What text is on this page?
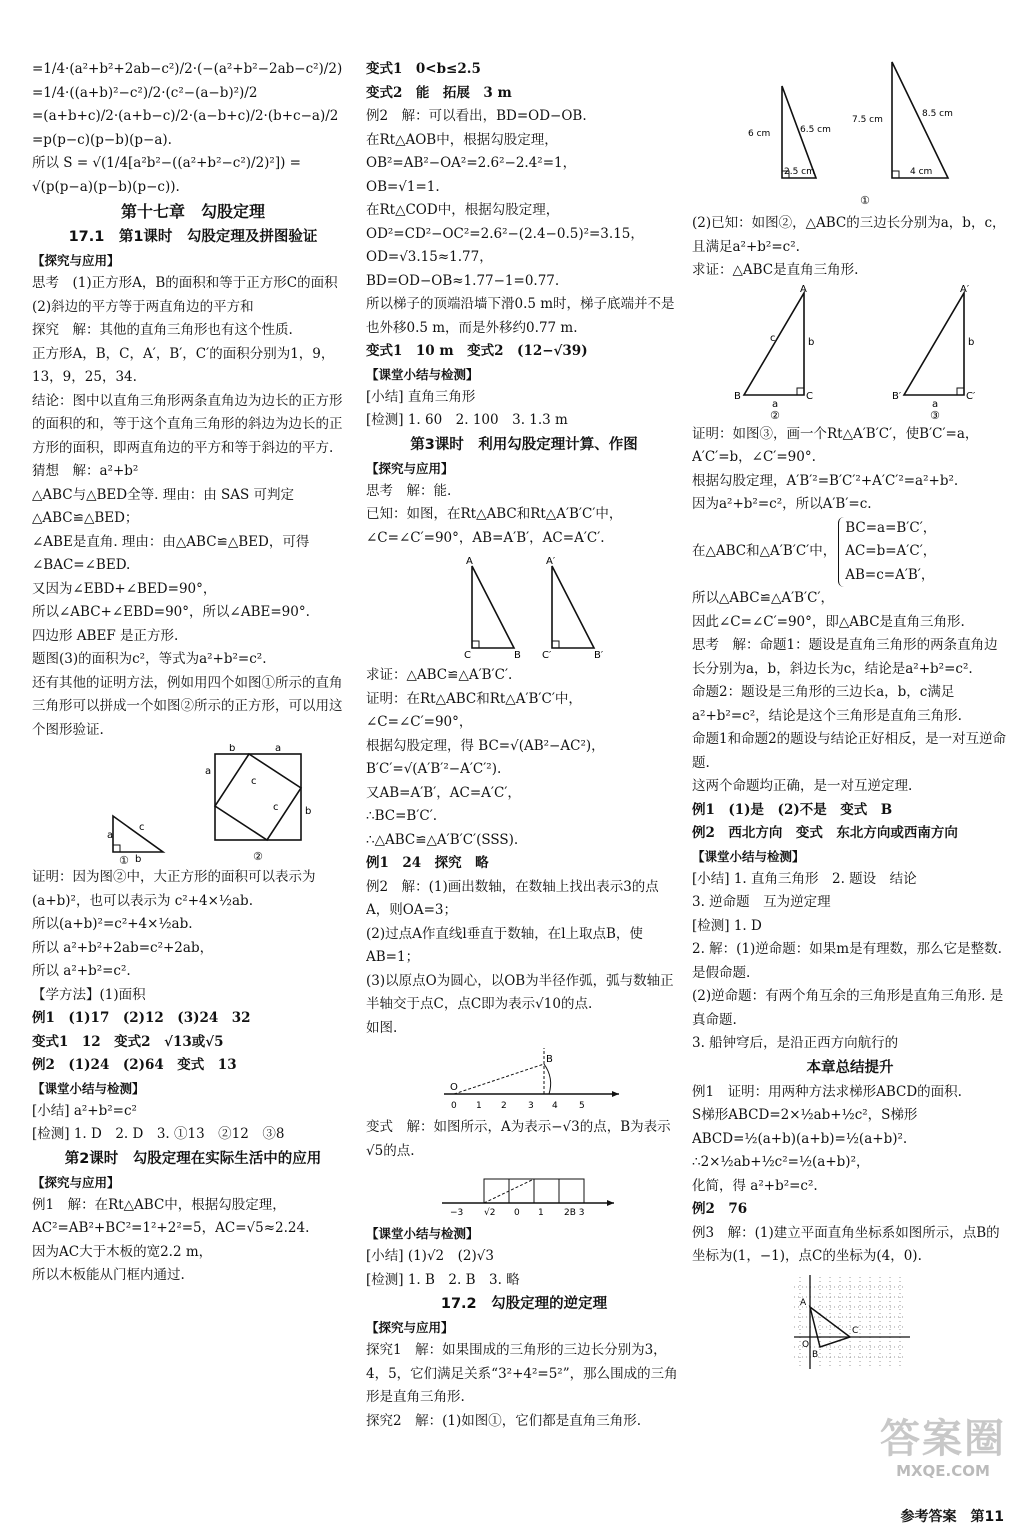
=1/4·(a²+b²+2ab−c²)/2·(−(a²+b²−2ab−c²)/2)
=1/4·((a+b)²−c²)/2·(c²−(a−b)²)/2
=(a+b+c)/2·(a+b−c)/2·(a−b+c)/2·(b+c−a)/2
=p(p−c)(p−b)(p−a).
所以 S = √(1/4[a²b²−((a²+b²−c²)/2)²]) =
√(p(p−a)(p−b)(p−c)).
第十七章　勾股定理
17.1　第1课时　勾股定理及拼图验证
【探究与应用】
思考　(1)正方形A，B的面积和等于正方形C的面积
(2)斜边的平方等于两直角边的平方和
探究　解：其他的直角三角形也有这个性质.
正方形A，B，C，A′，B′，C′的面积分别为1，9，13，9，25，34.
结论：图中以直角三角形两条直角边为边长的正方形的面积的和，等于这个直角三角形的斜边为边长的正方形的面积，即两直角边的平方和等于斜边的平方.
猜想　解：a²+b²
△ABC与△BED全等. 理由：由 SAS 可判定△ABC≌△BED；
∠ABE是直角. 理由：由△ABC≌△BED，可得∠BAC=∠BED.
又因为∠EBD+∠BED=90°，
所以∠ABC+∠EBD=90°，所以∠ABE=90°.
四边形 ABEF 是正方形.
题图(3)的面积为c²，等式为a²+b²=c².
还有其他的证明方法，例如用四个如图①所示的直角三角形可以拼成一个如图②所示的正方形，可以用这个图形验证.
a
c
b
b	a
a
b
c
c
①	②
证明：因为图②中，大正方形的面积可以表示为
(a+b)²，也可以表示为 c²+4×½ab.
所以(a+b)²=c²+4×½ab.
所以 a²+b²+2ab=c²+2ab，
所以 a²+b²=c².
【学方法】(1)面积
例1　(1)17　(2)12　(3)24　32
变式1　12　变式2　√13或√5
例2　(1)24　(2)64　变式　13
【课堂小结与检测】
[小结] a²+b²=c²
[检测] 1. D　2. D　3. ①13　②12　③8
第2课时　勾股定理在实际生活中的应用
【探究与应用】
例1　解：在Rt△ABC中，根据勾股定理，
AC²=AB²+BC²=1²+2²=5，AC=√5≈2.24.
因为AC大于木板的宽2.2 m，
所以木板能从门框内通过.
变式1　0<b≤2.5
变式2　能　拓展　3 m
例2　解：可以看出，BD=OD−OB.
在Rt△AOB中，根据勾股定理，
OB²=AB²−OA²=2.6²−2.4²=1，
OB=√1=1.
在Rt△COD中，根据勾股定理，
OD²=CD²−OC²=2.6²−(2.4−0.5)²=3.15，
OD=√3.15≈1.77，
BD=OD−OB≈1.77−1=0.77.
所以梯子的顶端沿墙下滑0.5 m时，梯子底端并不是也外移0.5 m，而是外移约0.77 m.
变式1　10 m　变式2　(12−√39)
【课堂小结与检测】
[小结] 直角三角形
[检测] 1. 60　2. 100　3. 1.3 m
第3课时　利用勾股定理计算、作图
【探究与应用】
思考　解：能.
已知：如图，在Rt△ABC和Rt△A′B′C′中，∠C=∠C′=90°，AB=A′B′，AC=A′C′.
A
C	B
A′
C′	B′
求证：△ABC≌△A′B′C′.
证明：在Rt△ABC和Rt△A′B′C′中，∠C=∠C′=90°，
根据勾股定理，得 BC=√(AB²−AC²)，B′C′=√(A′B′²−A′C′²).
又AB=A′B′，AC=A′C′，
∴BC=B′C′.
∴△ABC≌△A′B′C′(SSS).
例1　24　探究　略
例2　解：(1)画出数轴，在数轴上找出表示3的点A，则OA=3；
(2)过点A作直线l垂直于数轴，在l上取点B，使AB=1；
(3)以原点O为圆心，以OB为半径作弧，弧与数轴正半轴交于点C，点C即为表示√10的点.
如图.
O
B
0 1 2 3 4 5
变式　解：如图所示，A为表示−√3的点，B为表示√5的点.
−3 √2 0 1 2B 3
【课堂小结与检测】
[小结] (1)√2　(2)√3
[检测] 1. B　2. B　3. 略
17.2　勾股定理的逆定理
【探究与应用】
探究1　解：如果围成的三角形的三边长分别为3，4，5，它们满足关系“3²+4²=5²”，那么围成的三角形是直角三角形.
探究2　解：(1)如图①，它们都是直角三角形.
6 cm	6.5 cm
2.5 cm
7.5 cm
8.5 cm
4 cm
①
(2)已知：如图②，△ABC的三边长分别为a，b，c，且满足a²+b²=c².
求证：△ABC是直角三角形.
A
B	C
c	b
a
A′
B′	C′
b
a
②	③
证明：如图③，画一个Rt△A′B′C′，使B′C′=a，A′C′=b，∠C′=90°.
根据勾股定理，A′B′²=B′C′²+A′C′²=a²+b².
因为a²+b²=c²，所以A′B′=c.
在△ABC和△A′B′C′中，
BC=a=B′C′，
AC=b=A′C′，
AB=c=A′B′，
所以△ABC≌△A′B′C′，
因此∠C=∠C′=90°，即△ABC是直角三角形.
思考　解：命题1：题设是直角三角形的两条直角边长分别为a，b，斜边长为c，结论是a²+b²=c².
命题2：题设是三角形的三边长a，b，c满足a²+b²=c²，结论是这个三角形是直角三角形.
命题1和命题2的题设与结论正好相反，是一对互逆命题.
这两个命题均正确，是一对互逆定理.
例1　(1)是　(2)不是　变式　B
例2　西北方向　变式　东北方向或西南方向
【课堂小结与检测】
[小结] 1. 直角三角形　2. 题设　结论
3. 逆命题　互为逆定理
[检测] 1. D
2. 解：(1)逆命题：如果m是有理数，那么它是整数. 是假命题.
(2)逆命题：有两个角互余的三角形是直角三角形. 是真命题.
3. 船钟穹后，是沿正西方向航行的
本章总结提升
例1　证明：用两种方法求梯形ABCD的面积.
S梯形ABCD=2×½ab+½c²，S梯形ABCD=½(a+b)(a+b)=½(a+b)².
∴2×½ab+½c²=½(a+b)²，
化简，得 a²+b²=c².
例2　76
例3　解：(1)建立平面直角坐标系如图所示，点B的坐标为(1，−1)，点C的坐标为(4，0).
A
B
C
O
答案圈
MXQE.COM
参考答案　第11
